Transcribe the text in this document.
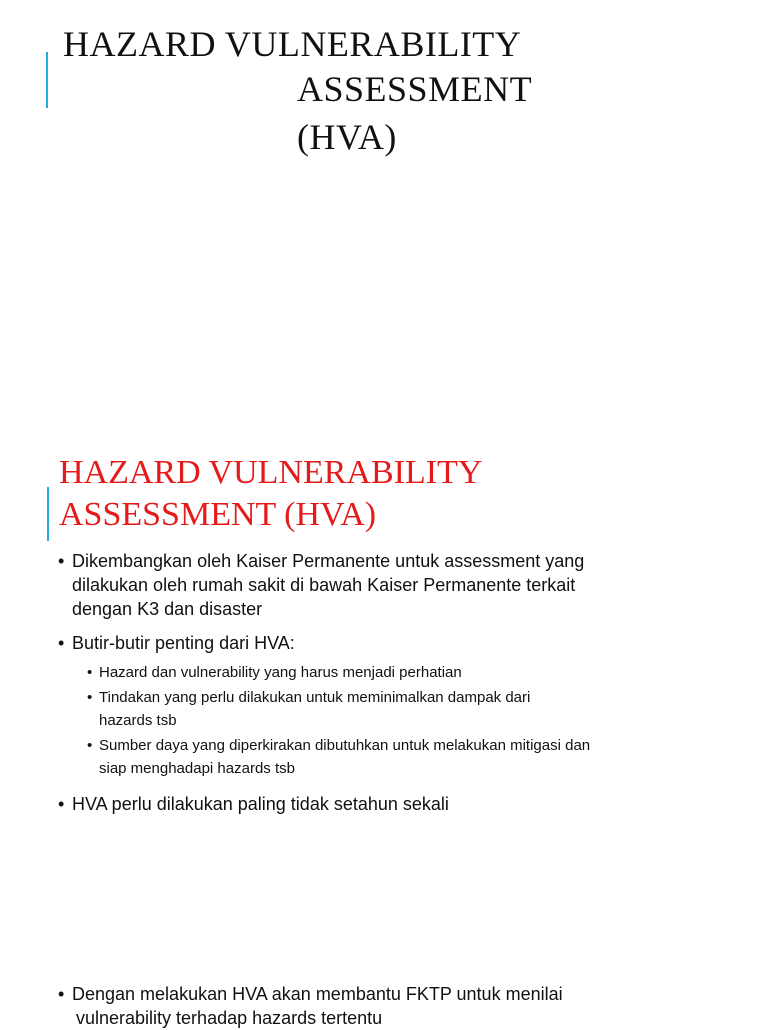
HAZARD VULNERABILITY
ASSESSMENT
(HVA)
HAZARD VULNERABILITY
ASSESSMENT (HVA)
• Dikembangkan oleh Kaiser Permanente untuk assessment yang
dilakukan oleh rumah sakit di bawah Kaiser Permanente terkait
dengan K3 dan disaster
• Butir-butir penting dari HVA:
• Hazard dan vulnerability yang harus menjadi perhatian
• Tindakan yang perlu dilakukan untuk meminimalkan dampak dari
hazards tsb
• Sumber daya yang diperkirakan dibutuhkan untuk melakukan mitigasi dan
siap menghadapi hazards tsb
• HVA perlu dilakukan paling tidak setahun sekali
• Dengan melakukan HVA akan membantu FKTP untuk menilai
vulnerability terhadap hazards tertentu
